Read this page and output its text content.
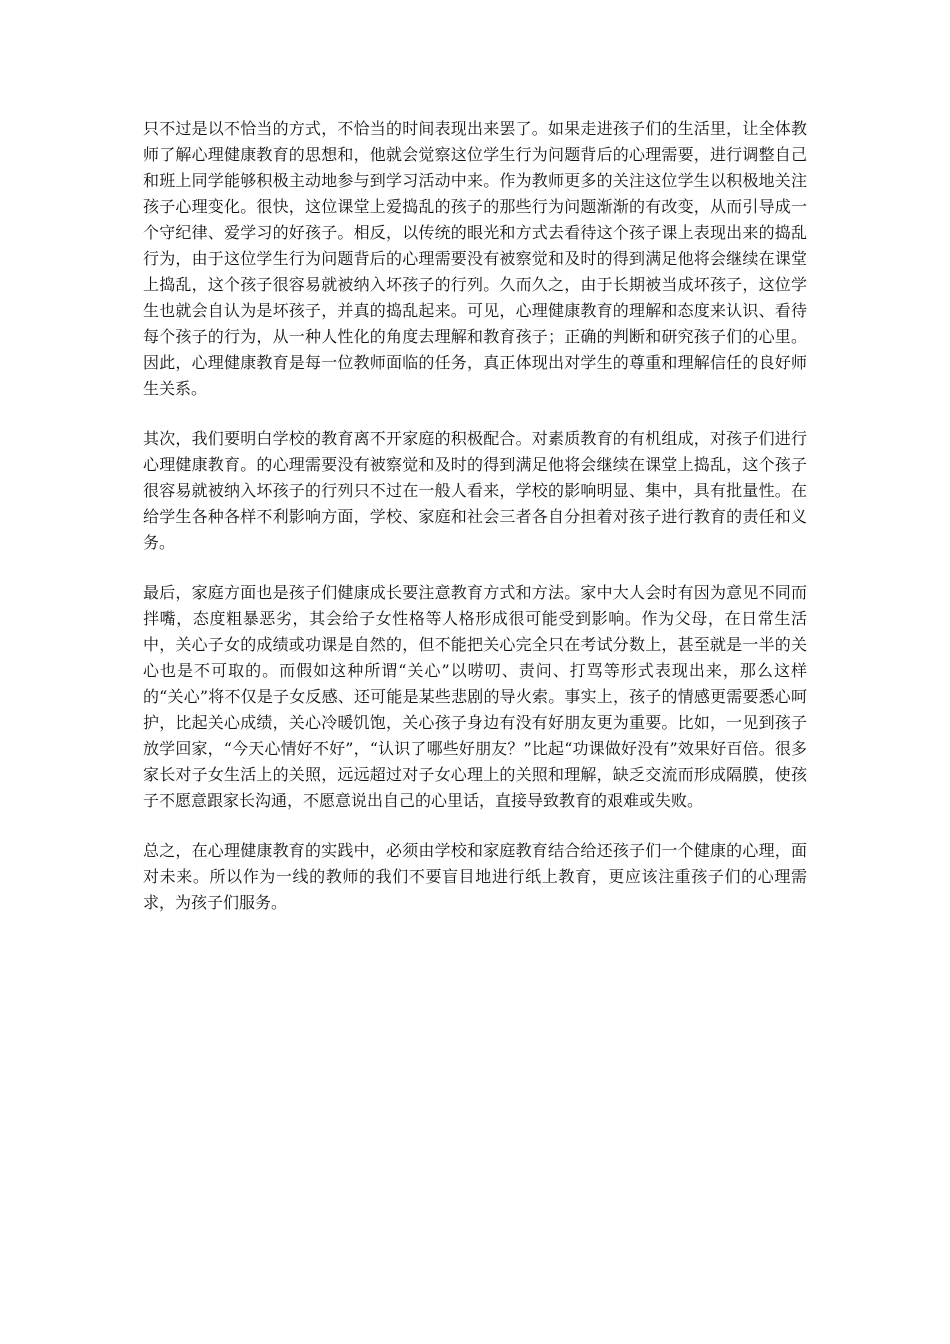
只不过是以不恰当的方式，不恰当的时间表现出来罢了。如果走进孩子们的生活里，让全体教师了解心理健康教育的思想和，他就会觉察这位学生行为问题背后的心理需要，进行调整自己和班上同学能够积极主动地参与到学习活动中来。作为教师更多的关注这位学生以积极地关注孩子心理变化。很快，这位课堂上爱捣乱的孩子的那些行为问题渐渐的有改变，从而引导成一个守纪律、爱学习的好孩子。相反，以传统的眼光和方式去看待这个孩子课上表现出来的捣乱行为，由于这位学生行为问题背后的心理需要没有被察觉和及时的得到满足他将会继续在课堂上捣乱，这个孩子很容易就被纳入坏孩子的行列。久而久之，由于长期被当成坏孩子，这位学生也就会自认为是坏孩子，并真的捣乱起来。可见，心理健康教育的理解和态度来认识、看待每个孩子的行为，从一种人性化的角度去理解和教育孩子；正确的判断和研究孩子们的心里。因此，心理健康教育是每一位教师面临的任务，真正体现出对学生的尊重和理解信任的良好师生关系。

其次，我们要明白学校的教育离不开家庭的积极配合。对素质教育的有机组成，对孩子们进行心理健康教育。的心理需要没有被察觉和及时的得到满足他将会继续在课堂上捣乱，这个孩子很容易就被纳入坏孩子的行列只不过在一般人看来，学校的影响明显、集中，具有批量性。在给学生各种各样不利影响方面，学校、家庭和社会三者各自分担着对孩子进行教育的责任和义务。

最后，家庭方面也是孩子们健康成长要注意教育方式和方法。家中大人会时有因为意见不同而拌嘴，态度粗暴恶劣，其会给子女性格等人格形成很可能受到影响。作为父母，在日常生活中，关心子女的成绩或功课是自然的，但不能把关心完全只在考试分数上，甚至就是一半的关心也是不可取的。而假如这种所谓“关心”以唠叨、责问、打骂等形式表现出来，那么这样的“关心”将不仅是子女反感、还可能是某些悲剧的导火索。事实上，孩子的情感更需要悉心呵护，比起关心成绩，关心冷暖饥饱，关心孩子身边有没有好朋友更为重要。比如，一见到孩子放学回家，“今天心情好不好”，“认识了哪些好朋友？”比起“功课做好没有”效果好百倍。很多家长对子女生活上的关照，远远超过对子女心理上的关照和理解，缺乏交流而形成隔膜，使孩子不愿意跟家长沟通，不愿意说出自己的心里话，直接导致教育的艰难或失败。

总之，在心理健康教育的实践中，必须由学校和家庭教育结合给还孩子们一个健康的心理，面对未来。所以作为一线的教师的我们不要盲目地进行纸上教育，更应该注重孩子们的心理需求，为孩子们服务。
